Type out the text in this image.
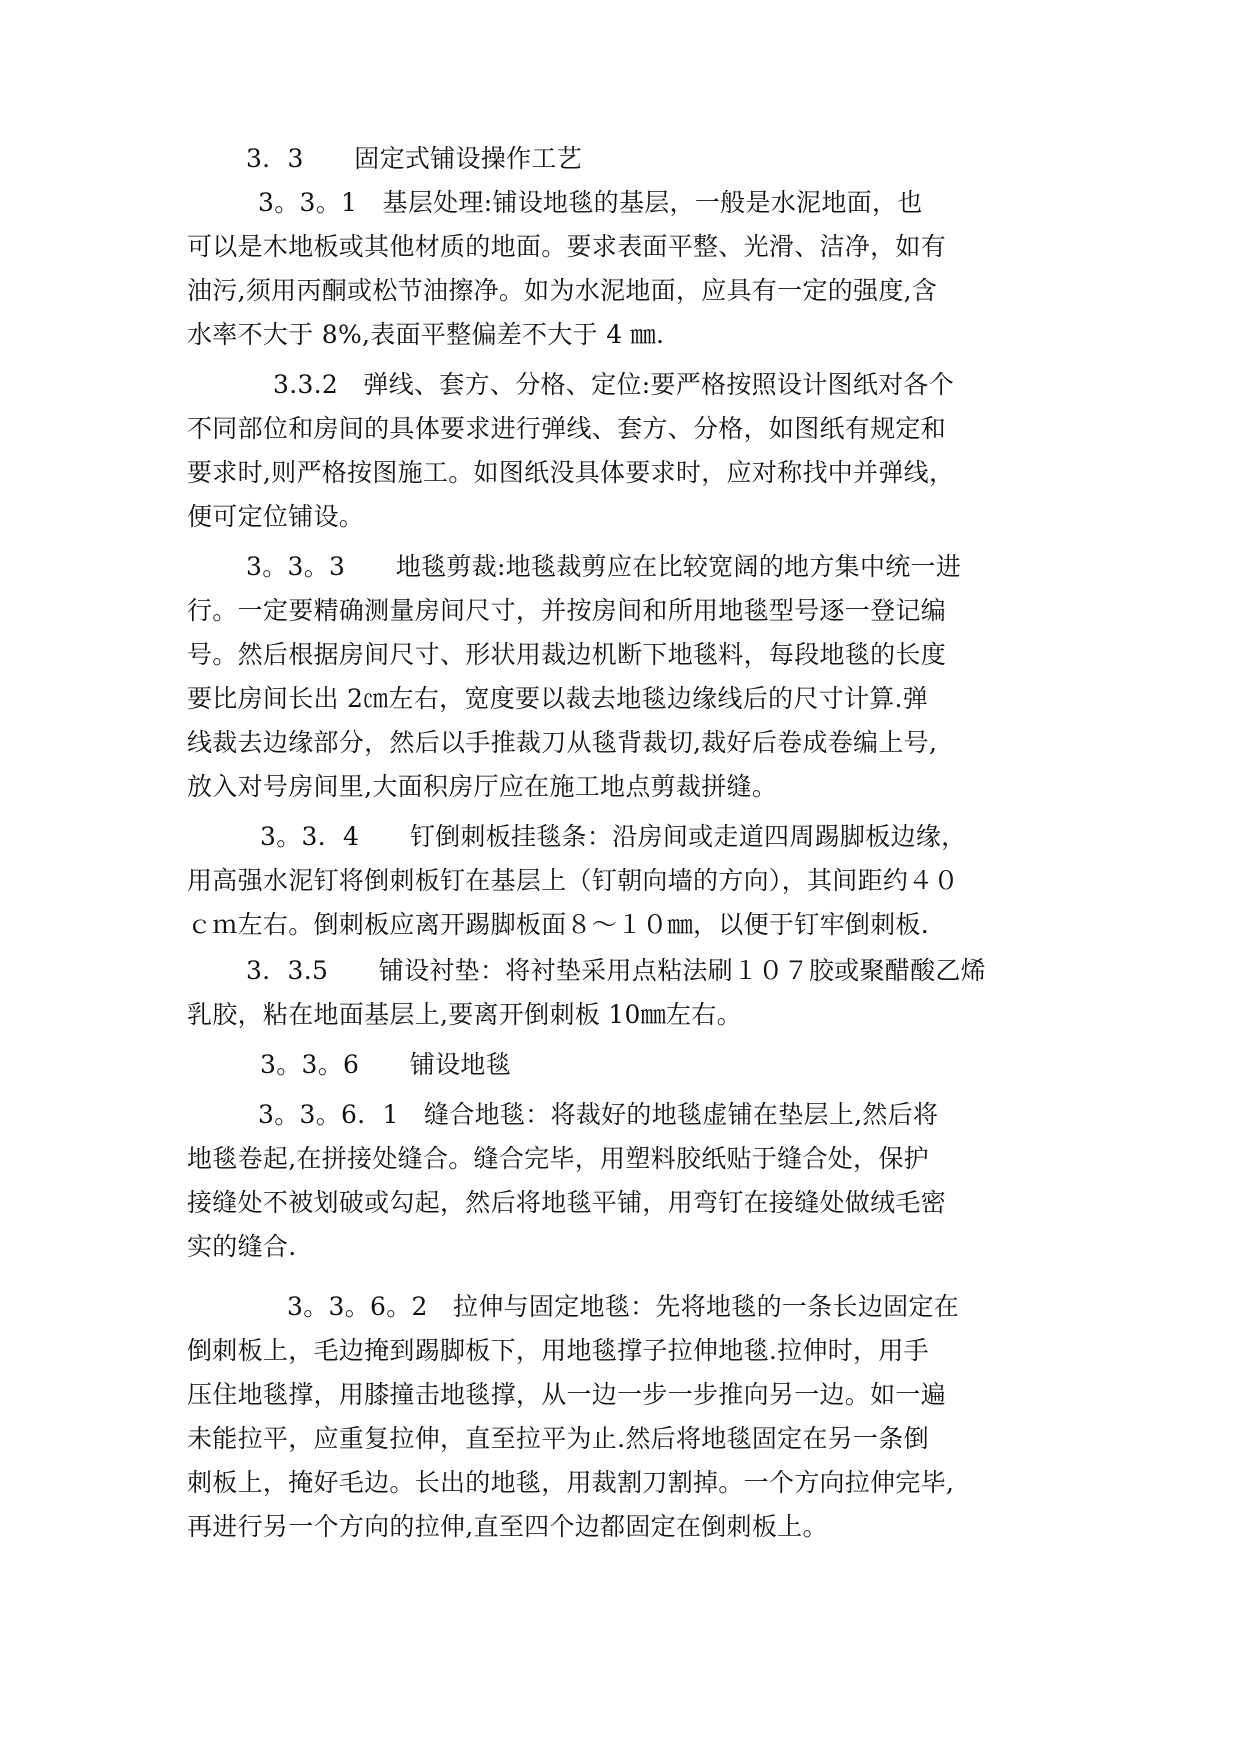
3．3　　固定式铺设操作工艺
3。3。1　基层处理:铺设地毯的基层，一般是水泥地面，也
可以是木地板或其他材质的地面。要求表面平整、光滑、洁净，如有
油污,须用丙酮或松节油擦净。如为水泥地面，应具有一定的强度,含
水率不大于 8%,表面平整偏差不大于 4 ㎜.
3.3.2　弹线、套方、分格、定位:要严格按照设计图纸对各个
不同部位和房间的具体要求进行弹线、套方、分格，如图纸有规定和
要求时,则严格按图施工。如图纸没具体要求时，应对称找中并弹线，
便可定位铺设。
3。3。3　　地毯剪裁:地毯裁剪应在比较宽阔的地方集中统一进
行。一定要精确测量房间尺寸，并按房间和所用地毯型号逐一登记编
号。然后根据房间尺寸、形状用裁边机断下地毯料，每段地毯的长度
要比房间长出 2㎝左右，宽度要以裁去地毯边缘线后的尺寸计算.弹
线裁去边缘部分，然后以手推裁刀从毯背裁切,裁好后卷成卷编上号,
放入对号房间里,大面积房厅应在施工地点剪裁拼缝。
3。3．4　　钉倒刺板挂毯条：沿房间或走道四周踢脚板边缘，
用高强水泥钉将倒刺板钉在基层上（钉朝向墙的方向），其间距约４０
ｃｍ左右。倒刺板应离开踢脚板面８～１０㎜，以便于钉牢倒刺板.
3．3.5　　铺设衬垫：将衬垫采用点粘法刷１０７胶或聚醋酸乙烯
乳胶，粘在地面基层上,要离开倒刺板 10㎜左右。
3。3。6　　铺设地毯
3。3。6．1　缝合地毯：将裁好的地毯虚铺在垫层上,然后将
地毯卷起,在拼接处缝合。缝合完毕，用塑料胶纸贴于缝合处，保护
接缝处不被划破或勾起，然后将地毯平铺，用弯钉在接缝处做绒毛密
实的缝合.
3。3。6。2　拉伸与固定地毯：先将地毯的一条长边固定在
倒刺板上，毛边掩到踢脚板下，用地毯撑子拉伸地毯.拉伸时，用手
压住地毯撑，用膝撞击地毯撑，从一边一步一步推向另一边。如一遍
未能拉平，应重复拉伸，直至拉平为止.然后将地毯固定在另一条倒
刺板上，掩好毛边。长出的地毯，用裁割刀割掉。一个方向拉伸完毕,
再进行另一个方向的拉伸,直至四个边都固定在倒刺板上。
